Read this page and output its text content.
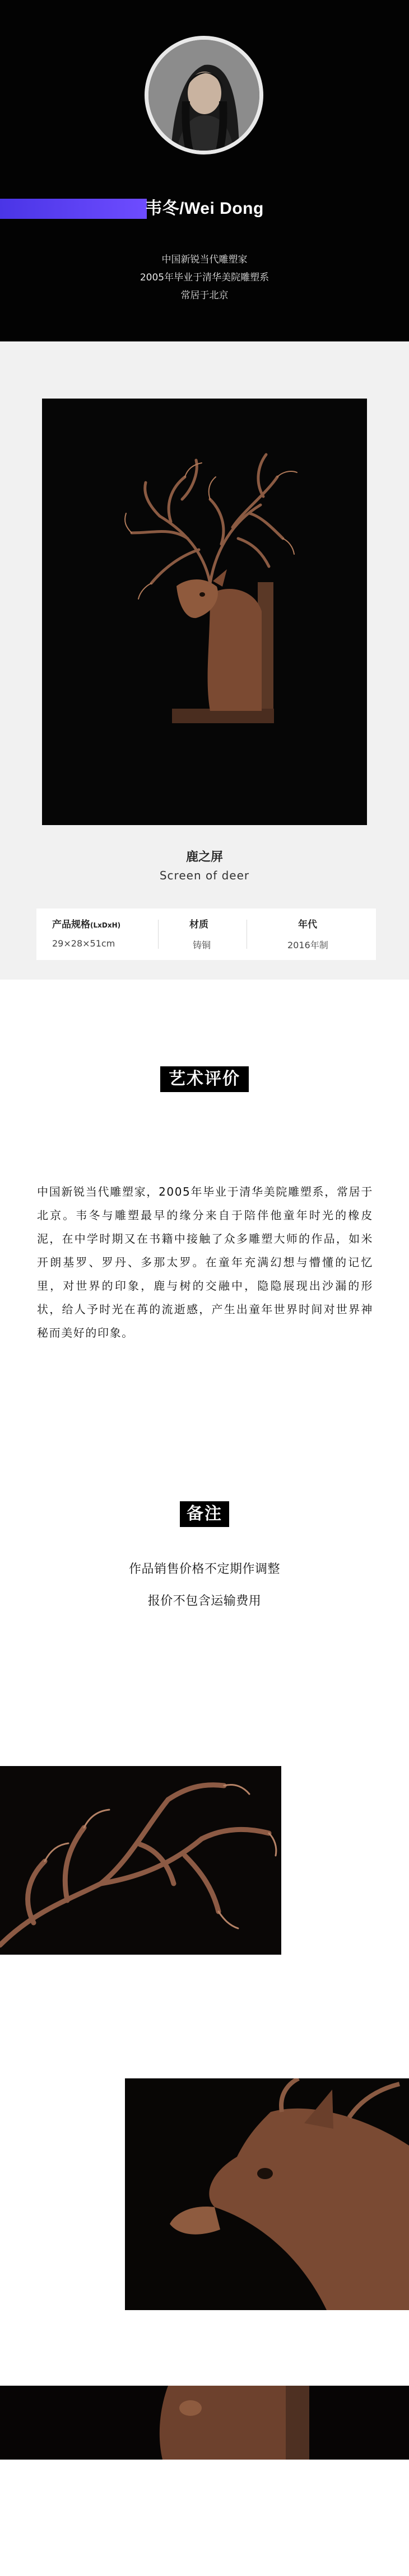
韦冬/Wei Dong
中国新锐当代雕塑家
2005年毕业于清华美院雕塑系
常居于北京
鹿之屏
Screen of deer
产品规格(LxDxH)
29×28×51cm
材质
铸铜
年代
2016年制
艺术评价
中国新锐当代雕塑家，2005年毕业于清华美院雕塑系，常居于北京。韦冬与雕塑最早的缘分来自于陪伴他童年时光的橡皮泥，在中学时期又在书籍中接触了众多雕塑大师的作品，如米开朗基罗、罗丹、多那太罗。在童年充满幻想与懵懂的记忆里，对世界的印象，鹿与树的交融中，隐隐展现出沙漏的形状，给人予时光在苒的流逝感，产生出童年世界时间对世界神秘而美好的印象。
备注
作品销售价格不定期作调整
报价不包含运输费用
